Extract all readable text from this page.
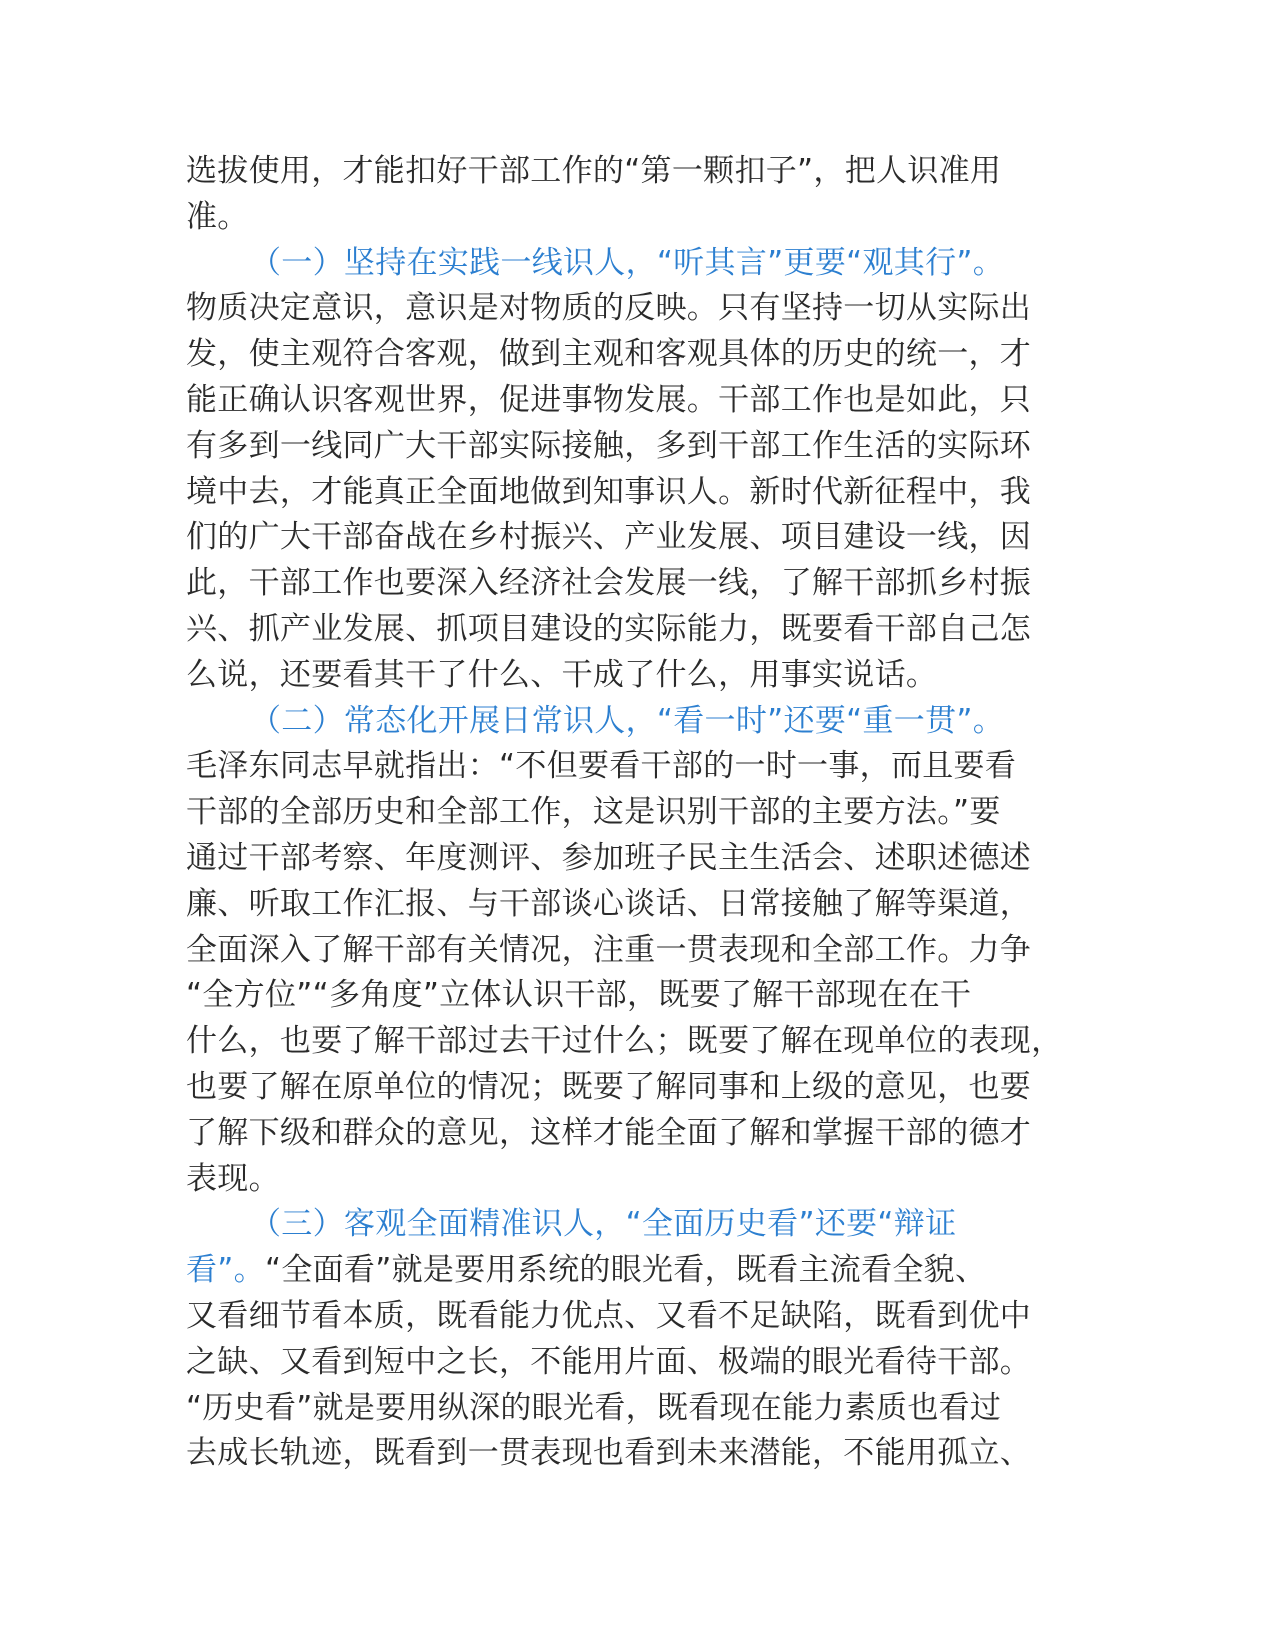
选拔使用，才能扣好干部工作的“第一颗扣子”，把人识准用
准。
（一）坚持在实践一线识人，“听其言”更要“观其行”。
物质决定意识，意识是对物质的反映。只有坚持一切从实际出
发，使主观符合客观，做到主观和客观具体的历史的统一，才
能正确认识客观世界，促进事物发展。干部工作也是如此，只
有多到一线同广大干部实际接触，多到干部工作生活的实际环
境中去，才能真正全面地做到知事识人。新时代新征程中，我
们的广大干部奋战在乡村振兴、产业发展、项目建设一线，因
此，干部工作也要深入经济社会发展一线，了解干部抓乡村振
兴、抓产业发展、抓项目建设的实际能力，既要看干部自己怎
么说，还要看其干了什么、干成了什么，用事实说话。
（二）常态化开展日常识人，“看一时”还要“重一贯”。
毛泽东同志早就指出：“不但要看干部的一时一事，而且要看
干部的全部历史和全部工作，这是识别干部的主要方法。”要
通过干部考察、年度测评、参加班子民主生活会、述职述德述
廉、听取工作汇报、与干部谈心谈话、日常接触了解等渠道，
全面深入了解干部有关情况，注重一贯表现和全部工作。力争
“全方位”“多角度”立体认识干部，既要了解干部现在在干
什么，也要了解干部过去干过什么；既要了解在现单位的表现，
也要了解在原单位的情况；既要了解同事和上级的意见，也要
了解下级和群众的意见，这样才能全面了解和掌握干部的德才
表现。
（三）客观全面精准识人，“全面历史看”还要“辩证
看”。“全面看”就是要用系统的眼光看，既看主流看全貌、
又看细节看本质，既看能力优点、又看不足缺陷，既看到优中
之缺、又看到短中之长，不能用片面、极端的眼光看待干部。
“历史看”就是要用纵深的眼光看，既看现在能力素质也看过
去成长轨迹，既看到一贯表现也看到未来潜能，不能用孤立、
